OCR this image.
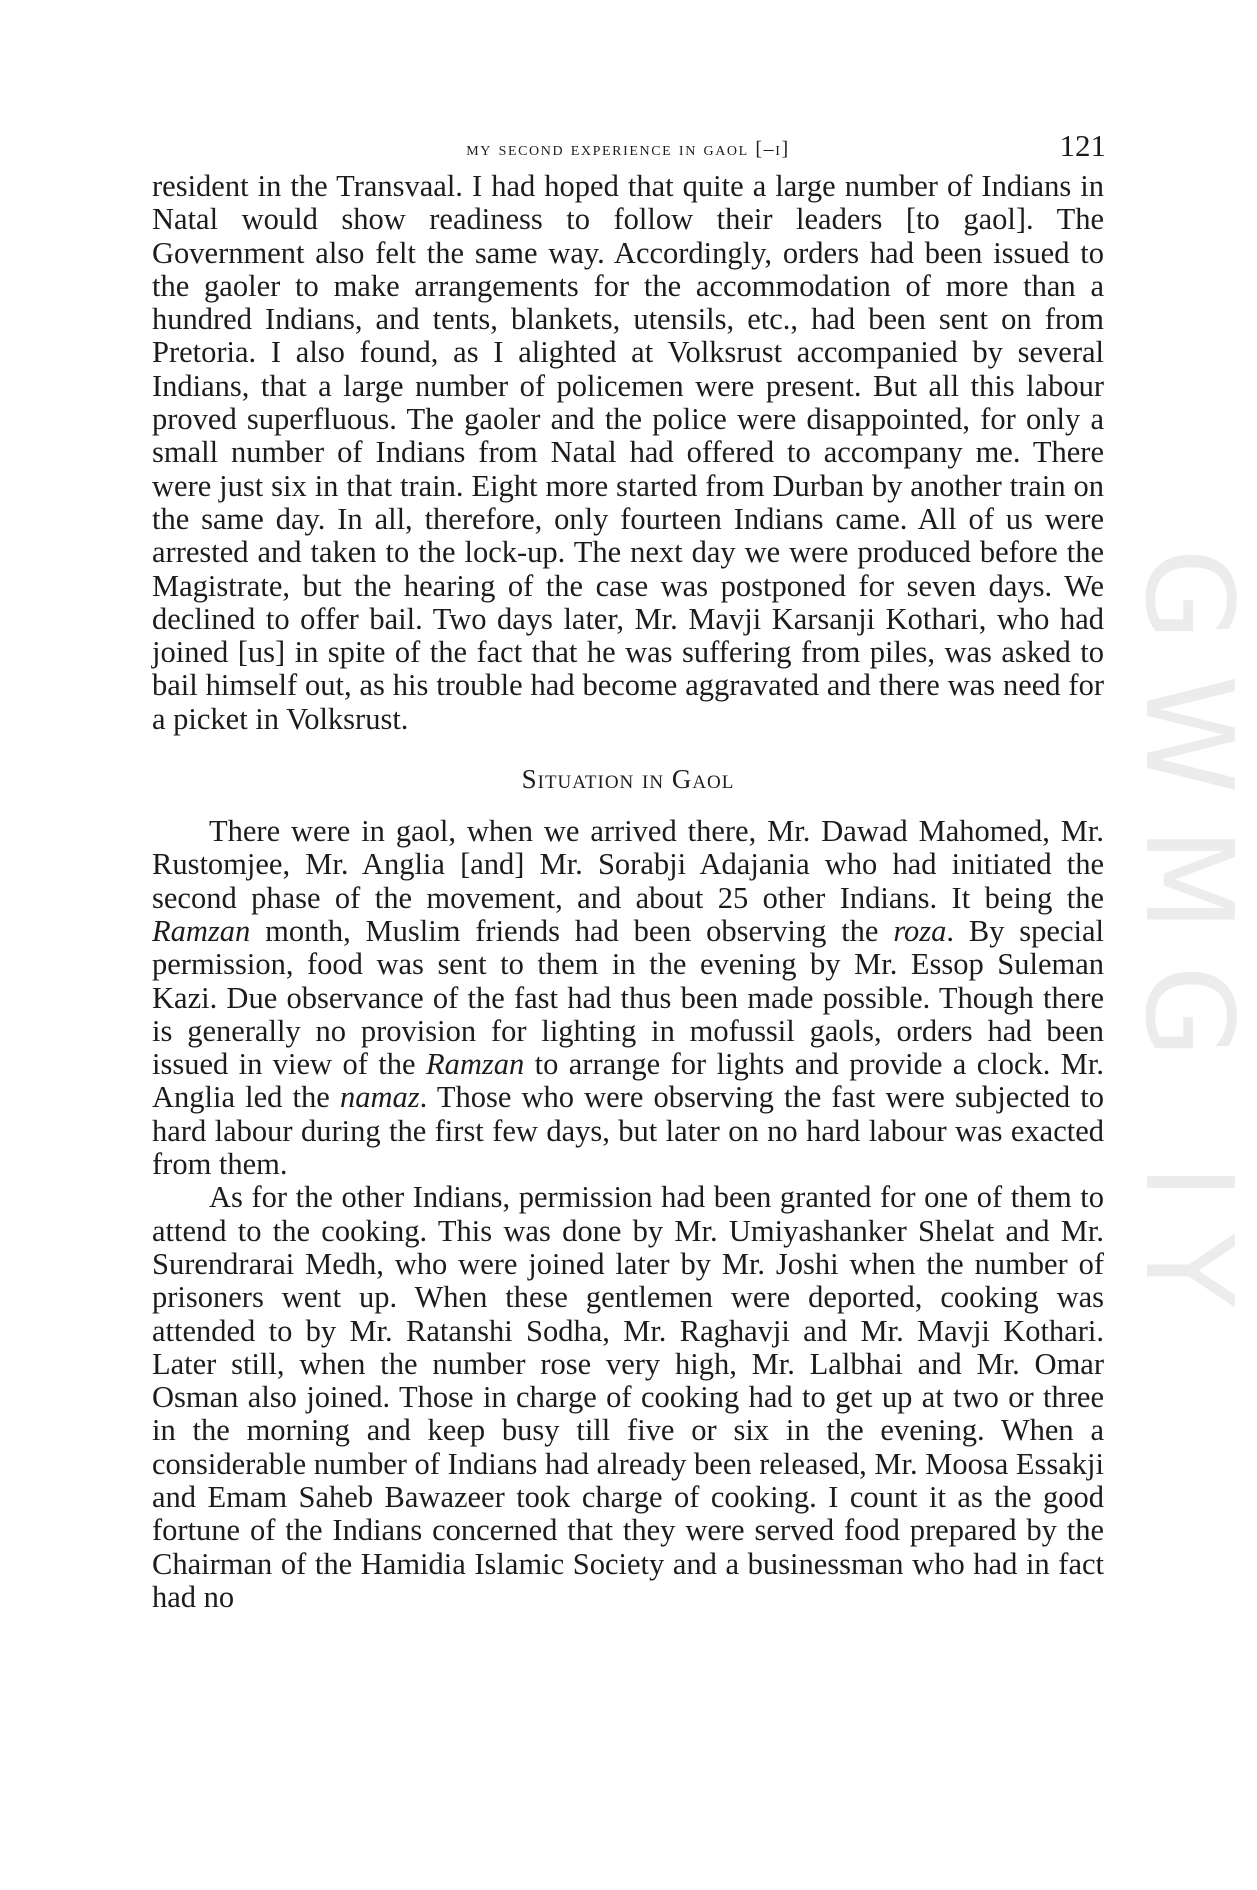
GWMG IY
my second experience in gaol [–i]	121

resident in the Transvaal. I had hoped that quite a large number of Indians in Natal would show readiness to follow their leaders [to gaol]. The Government also felt the same way. Accordingly, orders had been issued to the gaoler to make arrangements for the accommodation of more than a hundred Indians, and tents, blankets, utensils, etc., had been sent on from Pretoria. I also found, as I alighted at Volksrust accompanied by several Indians, that a large number of policemen were present. But all this labour proved superfluous. The gaoler and the police were disappointed, for only a small number of Indians from Natal had offered to accompany me. There were just six in that train. Eight more started from Durban by another train on the same day. In all, therefore, only fourteen Indians came. All of us were arrested and taken to the lock-up. The next day we were produced before the Magistrate, but the hearing of the case was postponed for seven days. We declined to offer bail. Two days later, Mr. Mavji Karsanji Kothari, who had joined [us] in spite of the fact that he was suffering from piles, was asked to bail himself out, as his trouble had become aggravated and there was need for a picket in Volksrust.

Situation in Gaol

There were in gaol, when we arrived there, Mr. Dawad Mahomed, Mr. Rustomjee, Mr. Anglia [and] Mr. Sorabji Adajania who had initiated the second phase of the movement, and about 25 other Indians. It being the Ramzan month, Muslim friends had been observing the roza. By special permission, food was sent to them in the evening by Mr. Essop Suleman Kazi. Due observance of the fast had thus been made possible. Though there is generally no provision for lighting in mofussil gaols, orders had been issued in view of the Ramzan to arrange for lights and provide a clock. Mr. Anglia led the namaz. Those who were observing the fast were subjected to hard labour during the first few days, but later on no hard labour was exacted from them.

As for the other Indians, permission had been granted for one of them to attend to the cooking. This was done by Mr. Umiyashanker Shelat and Mr. Surendrarai Medh, who were joined later by Mr. Joshi when the number of prisoners went up. When these gentlemen were deported, cooking was attended to by Mr. Ratanshi Sodha, Mr. Raghavji and Mr. Mavji Kothari. Later still, when the number rose very high, Mr. Lalbhai and Mr. Omar Osman also joined. Those in charge of cooking had to get up at two or three in the morning and keep busy till five or six in the evening. When a considerable number of Indians had already been released, Mr. Moosa Essakji and Emam Saheb Bawazeer took charge of cooking. I count it as the good fortune of the Indians concerned that they were served food prepared by the Chairman of the Hamidia Islamic Society and a businessman who had in fact had no
